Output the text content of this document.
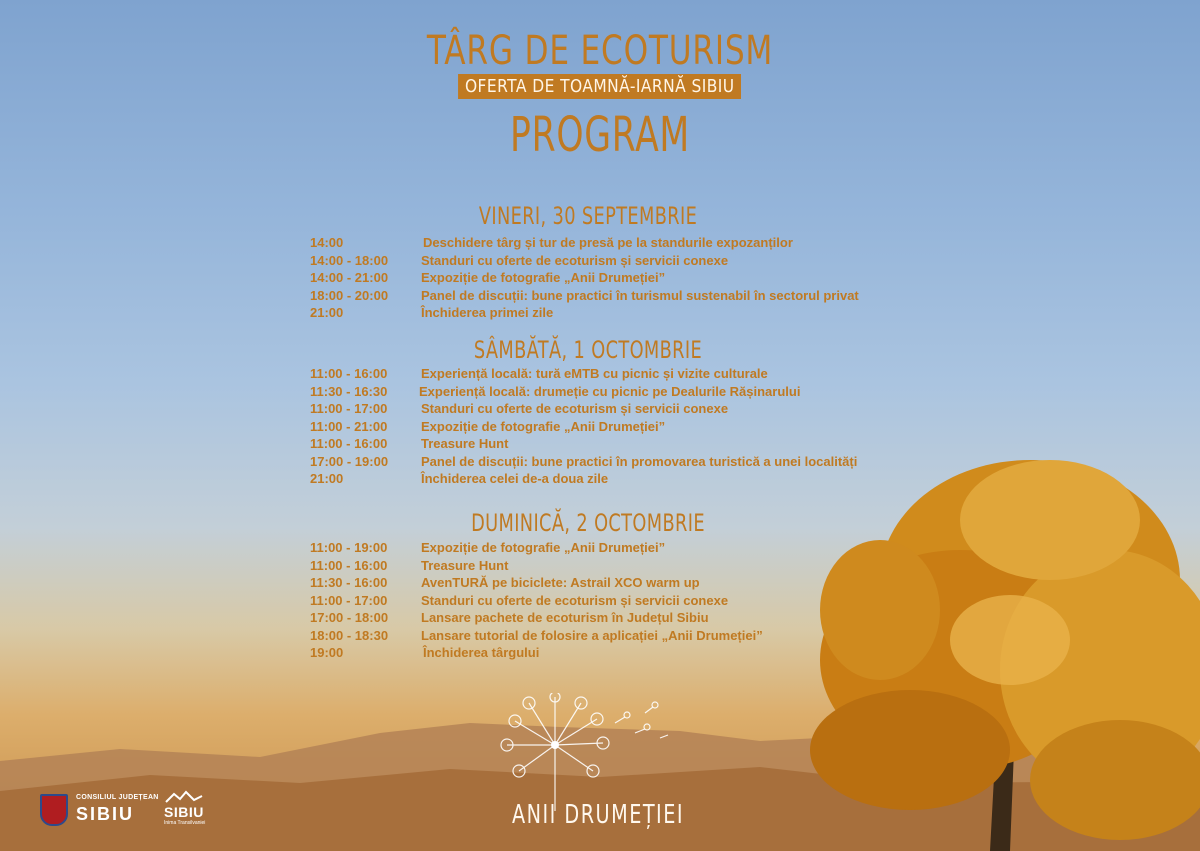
TÂRG DE ECOTURISM
OFERTA DE TOAMNĂ-IARNĂ SIBIU
PROGRAM
VINERI, 30 SEPTEMBRIE
14:00	Deschidere târg și tur de presă pe la standurile expozanților
14:00 - 18:00	Standuri cu oferte de ecoturism și servicii conexe
14:00 - 21:00	Expoziție de fotografie „Anii Drumeției”
18:00 - 20:00	Panel de discuții: bune practici în turismul sustenabil în sectorul privat
21:00	Închiderea primei zile
SÂMBĂTĂ, 1 OCTOMBRIE
11:00 - 16:00	Experiență locală: tură eMTB cu picnic și vizite culturale
11:30 - 16:30 Experiență locală: drumeție cu picnic pe Dealurile Rășinarului
11:00 - 17:00	Standuri cu oferte de ecoturism și servicii conexe
11:00 - 21:00	Expoziție de fotografie „Anii Drumeției”
11:00 - 16:00	Treasure Hunt
17:00 - 19:00	Panel de discuții: bune practici în promovarea turistică a unei localități
21:00	Închiderea celei de-a doua zile
DUMINICĂ, 2 OCTOMBRIE
11:00 - 19:00	Expoziție de fotografie „Anii Drumeției”
11:00 - 16:00	Treasure Hunt
11:30 - 16:00	AvenTURĂ pe biciclete: Astrail XCO warm up
11:00 - 17:00	Standuri cu oferte de ecoturism și servicii conexe
17:00 - 18:00	Lansare pachete de ecoturism în Județul Sibiu
18:00 - 18:30	Lansare tutorial de folosire a aplicației „Anii Drumeției”
19:00	Închiderea târgului
CONSILIUL JUDEȚEAN
SIBIU SIBIU
Inima Transilvaniei	ANII DRUMEȚIEI
